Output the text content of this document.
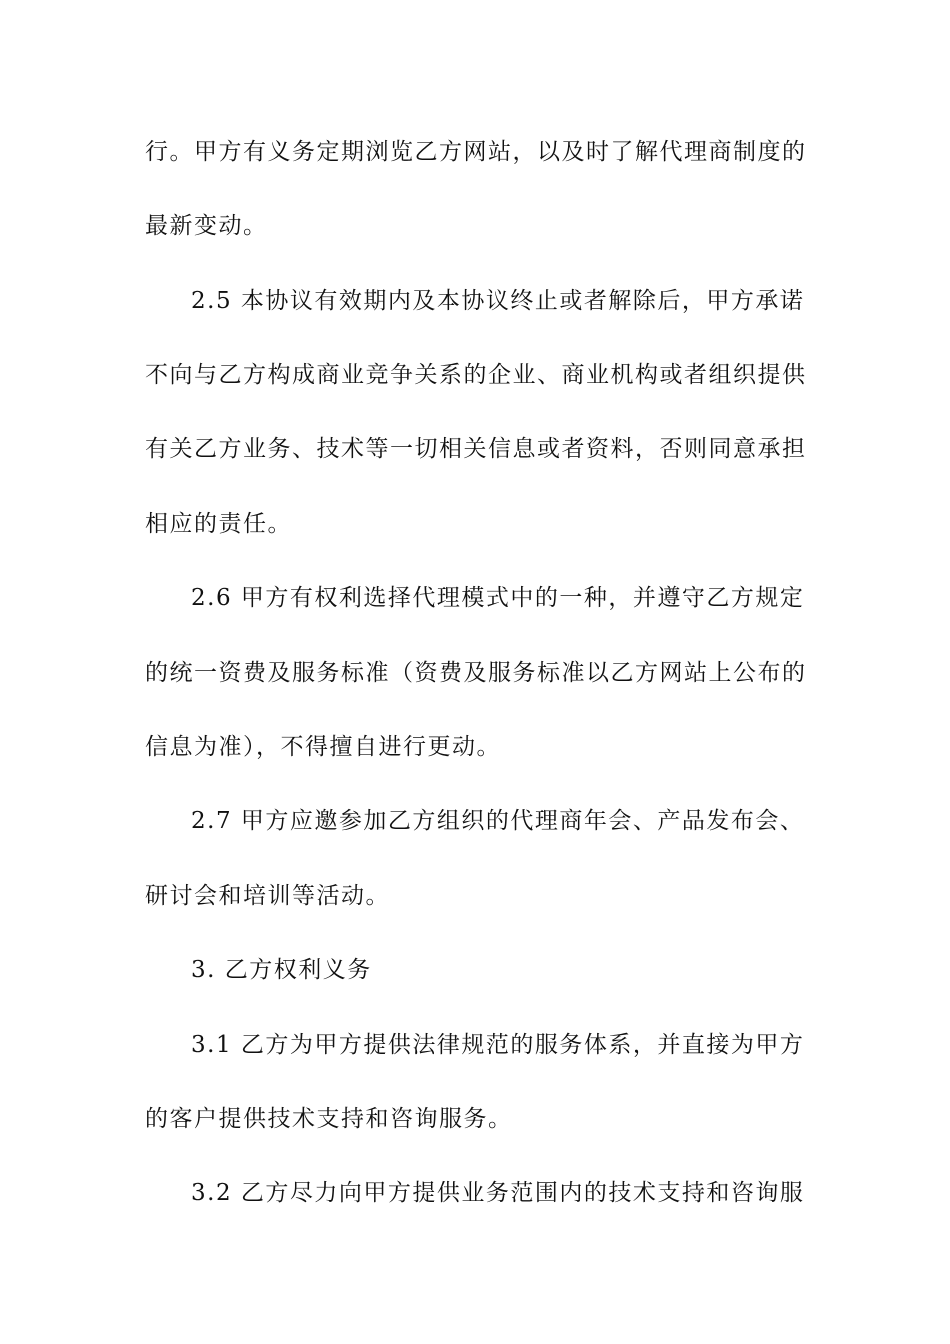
行。甲方有义务定期浏览乙方网站，以及时了解代理商制度的
最新变动。
2.5 本协议有效期内及本协议终止或者解除后，甲方承诺
不向与乙方构成商业竞争关系的企业、商业机构或者组织提供
有关乙方业务、技术等一切相关信息或者资料，否则同意承担
相应的责任。
2.6 甲方有权利选择代理模式中的一种，并遵守乙方规定
的统一资费及服务标准（资费及服务标准以乙方网站上公布的
信息为准），不得擅自进行更动。
2.7 甲方应邀参加乙方组织的代理商年会、产品发布会、
研讨会和培训等活动。
3. 乙方权利义务
3.1 乙方为甲方提供法律规范的服务体系，并直接为甲方
的客户提供技术支持和咨询服务。
3.2 乙方尽力向甲方提供业务范围内的技术支持和咨询服
